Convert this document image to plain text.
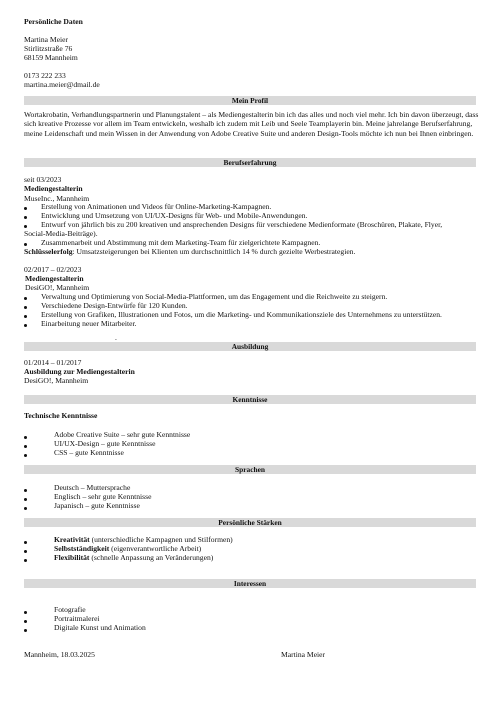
Persönliche Daten
Martina Meier
Stirlitzstraße 76
68159 Mannheim
0173 222 233
martina.meier@dmail.de
Mein Profil
Wortakrobatin, Verhandlungspartnerin und Planungstalent – als Mediengestalterin bin ich das alles und noch viel mehr. Ich bin davon überzeugt, dass sich kreative Prozesse vor allem im Team entwickeln, weshalb ich zudem mit Leib und Seele Teamplayerin bin. Meine jahrelange Berufserfahrung, meine Leidenschaft und mein Wissen in der Anwendung von Adobe Creative Suite und anderen Design-Tools möchte ich nun bei Ihnen einbringen.
Berufserfahrung
seit 03/2023
Mediengestalterin
MuseInc., Mannheim
Erstellung von Animationen und Videos für Online-Marketing-Kampagnen.
Entwicklung und Umsetzung von UI/UX-Designs für Web- und Mobile-Anwendungen.
Entwurf von jährlich bis zu 200 kreativen und ansprechenden Designs für verschiedene Medienformate (Broschüren, Plakate, Flyer,
Social-Media-Beiträge).
Zusammenarbeit und Abstimmung mit dem Marketing-Team für zielgerichtete Kampagnen.
Schlüsselerfolg: Umsatzsteigerungen bei Klienten um durchschnittlich 14 % durch gezielte Werbestrategien.
02/2017 – 02/2023
Mediengestalterin
DesiGO!, Mannheim
Verwaltung und Optimierung von Social-Media-Plattformen, um das Engagement und die Reichweite zu steigern.
Verschiedene Design-Entwürfe für 120 Kunden.
Erstellung von Grafiken, Illustrationen und Fotos, um die Marketing- und Kommunikationsziele des Unternehmens zu unterstützen.
Einarbeitung neuer Mitarbeiter.
.
Ausbildung
01/2014 – 01/2017
Ausbildung zur Mediengestalterin
DesiGO!, Mannheim
Kenntnisse
Technische Kenntnisse
Adobe Creative Suite – sehr gute Kenntnisse
UI/UX-Design – gute Kenntnisse
CSS – gute Kenntnisse
Sprachen
Deutsch – Muttersprache
Englisch – sehr gute Kenntnisse
Japanisch – gute Kenntnisse
Persönliche Stärken
Kreativität (unterschiedliche Kampagnen und Stilformen)
Selbstständigkeit (eigenverantwortliche Arbeit)
Flexibilität (schnelle Anpassung an Veränderungen)
Interessen
Fotografie
Portraitmalerei
Digitale Kunst und Animation
Mannheim, 18.03.2025	Martina Meier
